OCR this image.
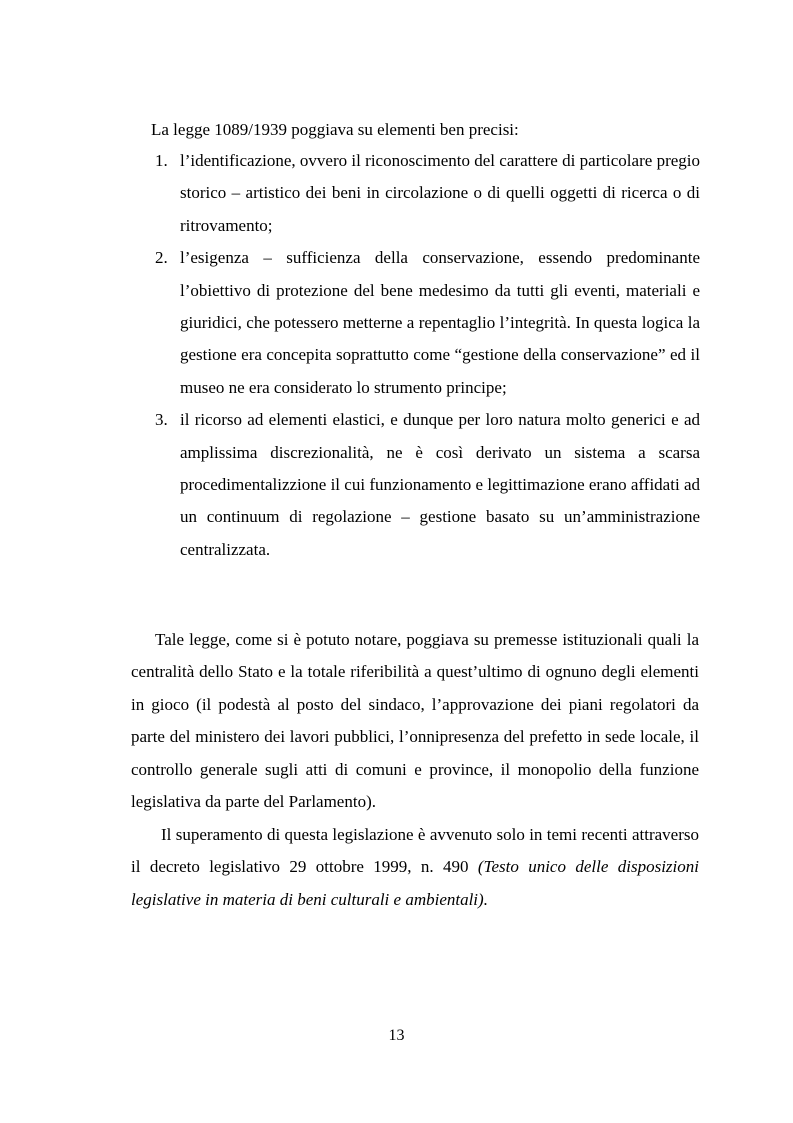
La legge 1089/1939 poggiava su elementi ben precisi:
1. l’identificazione, ovvero il riconoscimento del carattere di particolare pregio storico – artistico dei beni in circolazione o di quelli oggetti di ricerca o di ritrovamento;
2. l’esigenza – sufficienza della conservazione, essendo predominante l’obiettivo di protezione del bene medesimo da tutti gli eventi, materiali e giuridici, che potessero metterne a repentaglio l’integrità. In questa logica la gestione era concepita soprattutto come “gestione della conservazione” ed il museo ne era considerato lo strumento principe;
3. il ricorso ad elementi elastici, e dunque per loro natura molto generici e ad amplissima discrezionalità, ne è così derivato un sistema a scarsa procedimentalizzione il cui funzionamento e legittimazione erano affidati ad un continuum di regolazione – gestione basato su un’amministrazione centralizzata.

Tale legge, come si è potuto notare, poggiava su premesse istituzionali quali la centralità dello Stato e la totale riferibilità a quest’ultimo di ognuno degli elementi in gioco (il podestà al posto del sindaco, l’approvazione dei piani regolatori da parte del ministero dei lavori pubblici, l’onnipresenza del prefetto in sede locale, il controllo generale sugli atti di comuni e province, il monopolio della funzione legislativa da parte del Parlamento).

Il superamento di questa legislazione è avvenuto solo in temi recenti attraverso il decreto legislativo 29 ottobre 1999, n. 490 (Testo unico delle disposizioni legislative in materia di beni culturali e ambientali).

13
